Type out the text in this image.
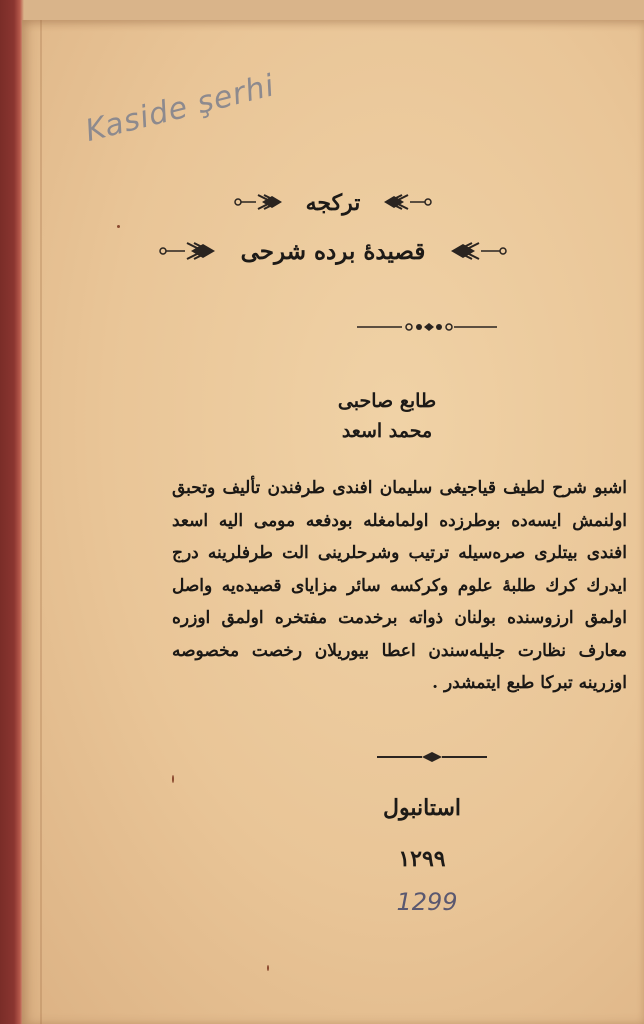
Kaside şerhi
تركجه
قصيدهٔ برده شرحى
طابع صاحبى
محمد اسعد
اشبو شرح لطيف قياجيغى سليمان افندى طرفندن تأليف وتحبق
اولنمش ايسه‌ده بوطرزده اولمامغله بودفعه مومى اليه اسعد
افندى بيتلرى صره‌سيله ترتيب وشرحلرينى الت طرفلرينه درج
ايدرك كرك طلبهٔ علوم وكركسه سائر مزاياى قصيده‌يه واصل
اولمق ارزوسنده بولنان ذواته برخدمت مفتخره اولمق اوزره
معارف نظارت جليله‌سندن اعطا بيوريلان رخصت مخصوصه
اوزرينه تبركا طبع ايتمشدر .
استانبول
١٢٩٩
1299
